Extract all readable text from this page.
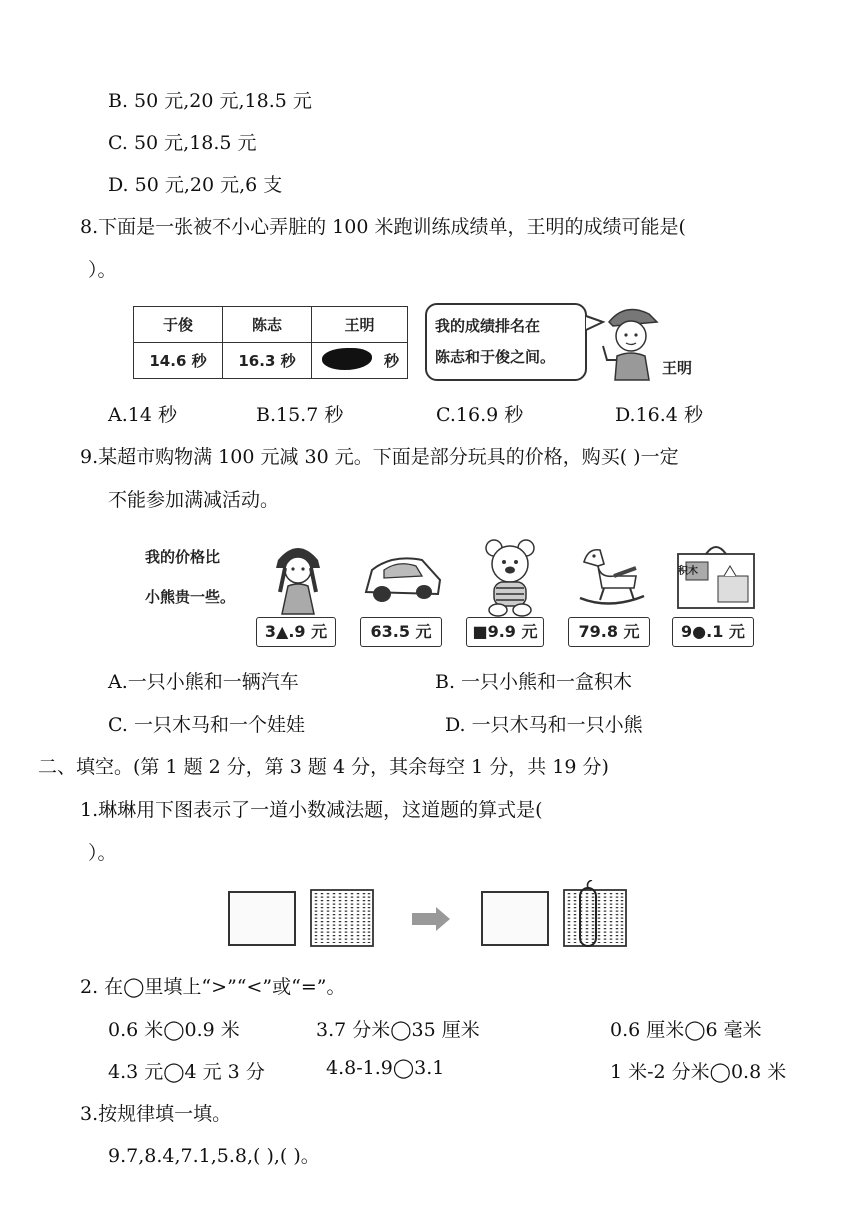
B. 50 元,20 元,18.5 元
C. 50 元,18.5 元
D. 50 元,20 元,6 支
8.下面是一张被不小心弄脏的 100 米跑训练成绩单，王明的成绩可能是(
）。
于俊	陈志	王明
14.6 秒	16.3 秒	秒
我的成绩排名在
陈志和于俊之间。
王明
A.14 秒	B.15.7 秒	C.16.9 秒	D.16.4 秒
9.某超市购物满 100 元减 30 元。下面是部分玩具的价格，购买( )一定
不能参加满减活动。
我的价格比
小熊贵一些。
积木
3▲.9 元	63.5 元	■9.9 元	79.8 元	9●.1 元
A.一只小熊和一辆汽车	B. 一只小熊和一盒积木
C. 一只木马和一个娃娃	D. 一只木马和一只小熊
二、填空。(第 1 题 2 分，第 3 题 4 分，其余每空 1 分，共 19 分)
1.琳琳用下图表示了一道小数减法题，这道题的算式是(
）。
2. 在◯里填上“>”“<”或“=”。
0.6 米◯0.9 米	3.7 分米◯35 厘米	0.6 厘米◯6 毫米
4.3 元◯4 元 3 分	4.8-1.9◯3.1	1 米-2 分米◯0.8 米
3.按规律填一填。
9.7,8.4,7.1,5.8,( ),( )。
